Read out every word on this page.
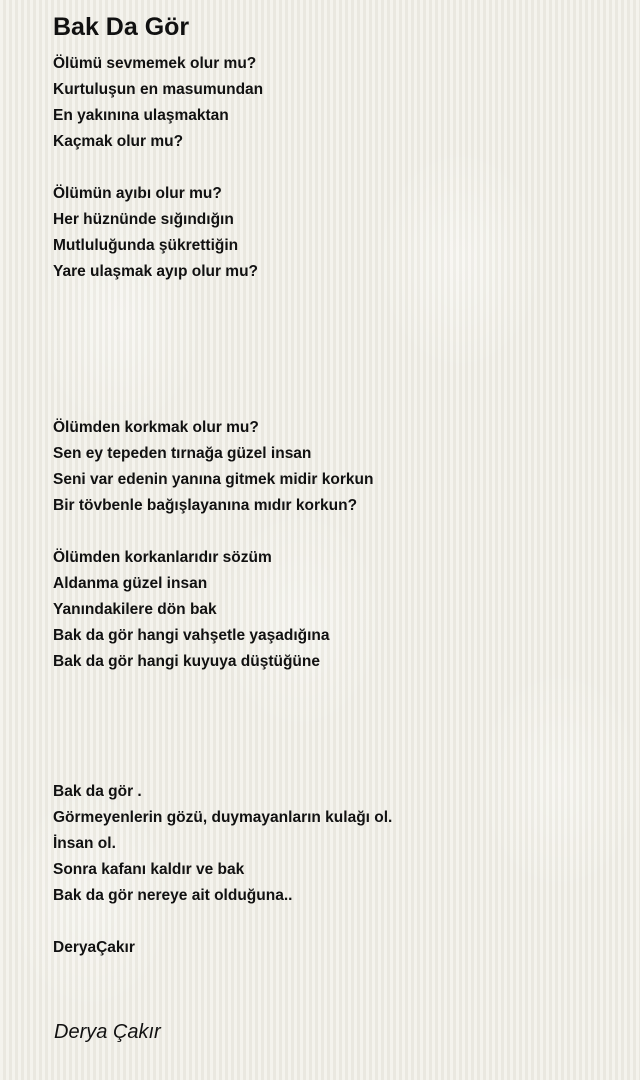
Bak Da Gör
Ölümü sevmemek olur mu?
Kurtuluşun en masumundan
En yakınına ulaşmaktan
Kaçmak olur mu?
Ölümün ayıbı olur mu?
Her hüznünde sığındığın
Mutluluğunda şükrettiğin
Yare ulaşmak ayıp olur mu?
Ölümden korkmak olur mu?
Sen ey tepeden tırnağa güzel insan
Seni var edenin yanına gitmek midir korkun
Bir tövbenle bağışlayanına mıdır korkun?
Ölümden korkanlarıdır sözüm
Aldanma güzel insan
Yanındakilere dön bak
Bak da gör hangi vahşetle yaşadığına
Bak da gör hangi kuyuya düştüğüne
Bak da gör .
Görmeyenlerin gözü, duymayanların kulağı ol.
İnsan ol.
Sonra kafanı kaldır ve bak
Bak da gör nereye ait olduğuna..
DeryaÇakır
Derya Çakır
